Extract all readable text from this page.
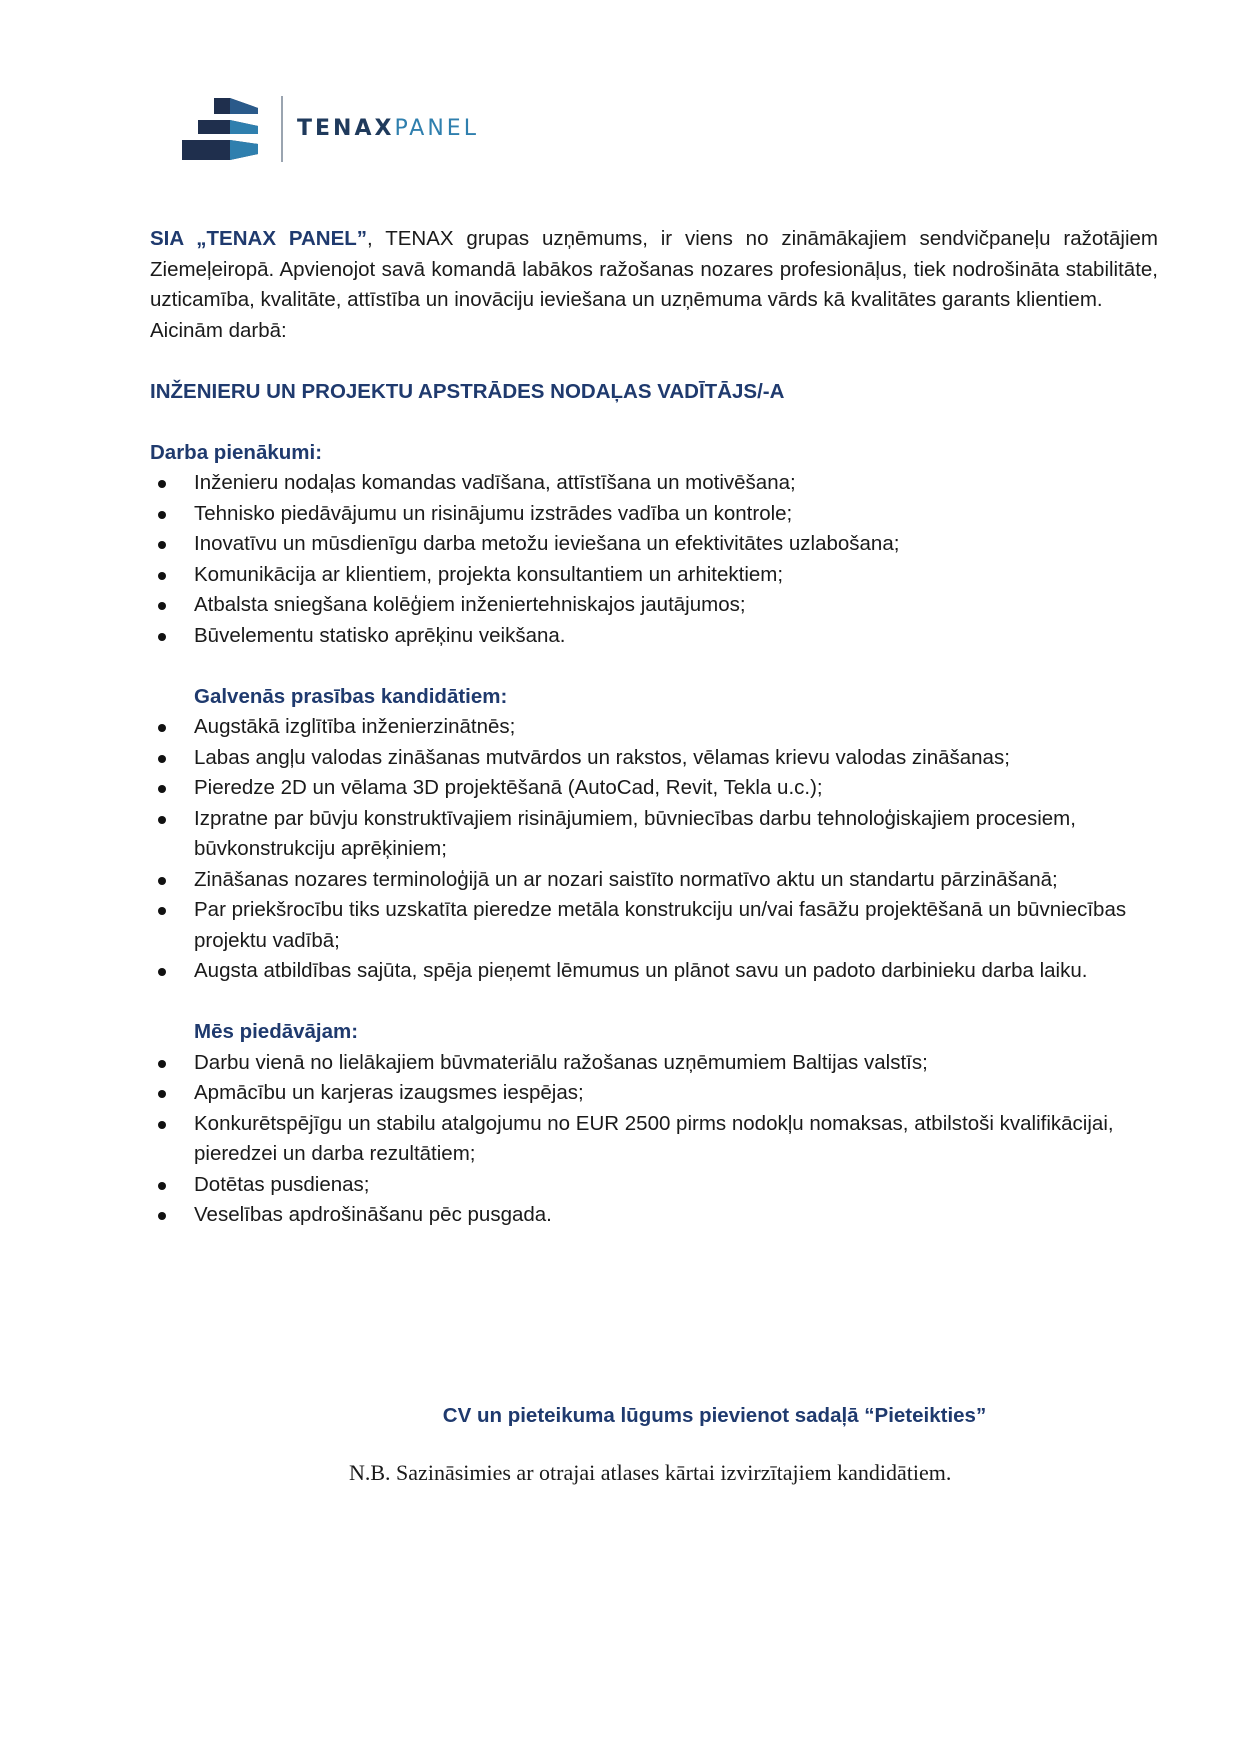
TENAXPANEL

SIA „TENAX PANEL”, TENAX grupas uzņēmums, ir viens no zināmākajiem sendvičpaneļu ražotājiem Ziemeļeiropā. Apvienojot savā komandā labākos ražošanas nozares profesionāļus, tiek nodrošināta stabilitāte, uzticamība, kvalitāte, attīstība un inovāciju ieviešana un uzņēmuma vārds kā kvalitātes garants klientiem.

Aicinām darbā:

INŽENIERU UN PROJEKTU APSTRĀDES NODAĻAS VADĪTĀJS/-A

Darba pienākumi:

Inženieru nodaļas komandas vadīšana, attīstīšana un motivēšana;
Tehnisko piedāvājumu un risinājumu izstrādes vadība un kontrole;
Inovatīvu un mūsdienīgu darba metožu ieviešana un efektivitātes uzlabošana;
Komunikācija ar klientiem, projekta konsultantiem un arhitektiem;
Atbalsta sniegšana kolēģiem inženiertehniskajos jautājumos;
Būvelementu statisko aprēķinu veikšana.

Galvenās prasības kandidātiem:

Augstākā izglītība inženierzinātnēs;
Labas angļu valodas zināšanas mutvārdos un rakstos, vēlamas krievu valodas zināšanas;
Pieredze 2D un vēlama 3D projektēšanā (AutoCad, Revit, Tekla u.c.);
Izpratne par būvju konstruktīvajiem risinājumiem, būvniecības darbu tehnoloģiskajiem procesiem, būvkonstrukciju aprēķiniem;
Zināšanas nozares terminoloģijā un ar nozari saistīto normatīvo aktu un standartu pārzināšanā;
Par priekšrocību tiks uzskatīta pieredze metāla konstrukciju un/vai fasāžu projektēšanā un būvniecības projektu vadībā;
Augsta atbildības sajūta, spēja pieņemt lēmumus un plānot savu un padoto darbinieku darba laiku.

Mēs piedāvājam:

Darbu vienā no lielākajiem būvmateriālu ražošanas uzņēmumiem Baltijas valstīs;
Apmācību un karjeras izaugsmes iespējas;
Konkurētspējīgu un stabilu atalgojumu no EUR 2500 pirms nodokļu nomaksas, atbilstoši kvalifikācijai, pieredzei un darba rezultātiem;
Dotētas pusdienas;
Veselības apdrošināšanu pēc pusgada.
CV un pieteikuma lūgums pievienot sadaļā “Pieteikties”
N.B. Sazināsimies ar otrajai atlases kārtai izvirzītajiem kandidātiem.
